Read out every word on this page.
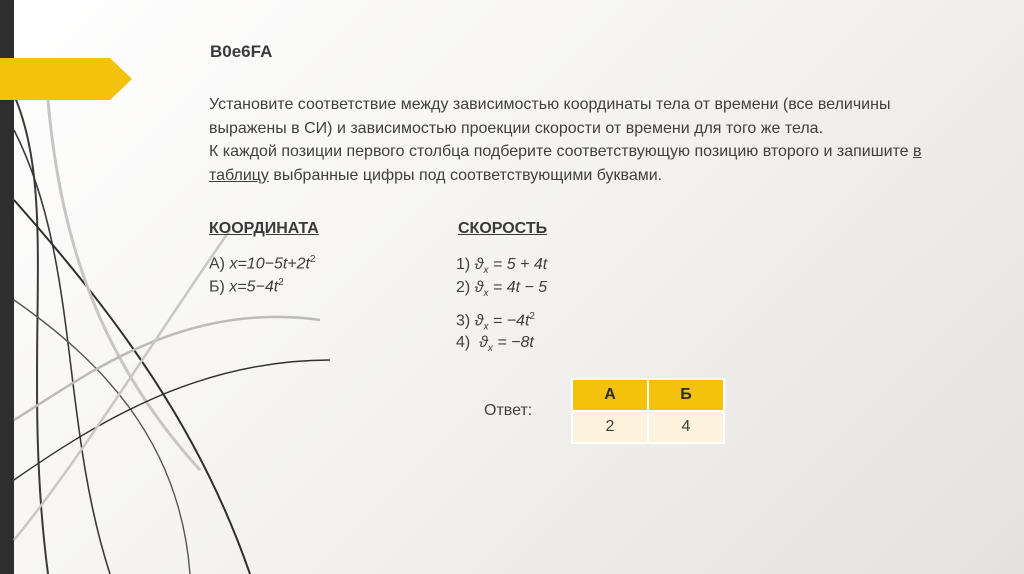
B0e6FA
Установите соответствие между зависимостью координаты тела от времени (все величины выражены в СИ) и зависимостью проекции скорости от времени для того же тела.
К каждой позиции первого столбца подберите соответствующую позицию второго и запишите в таблицу выбранные цифры под соответствующими буквами.
КООРДИНАТА	СКОРОСТЬ
А) $x=10-5t+2t^2$
Б) $x=5-4t^2$
1) $ϑ_x = 5 + 4t$
2) $ϑ_x = 4t - 5$
3) $ϑ_x = -4t^2$
4)  $ϑ_x = -8t$
Ответ:
А	Б
2	4
